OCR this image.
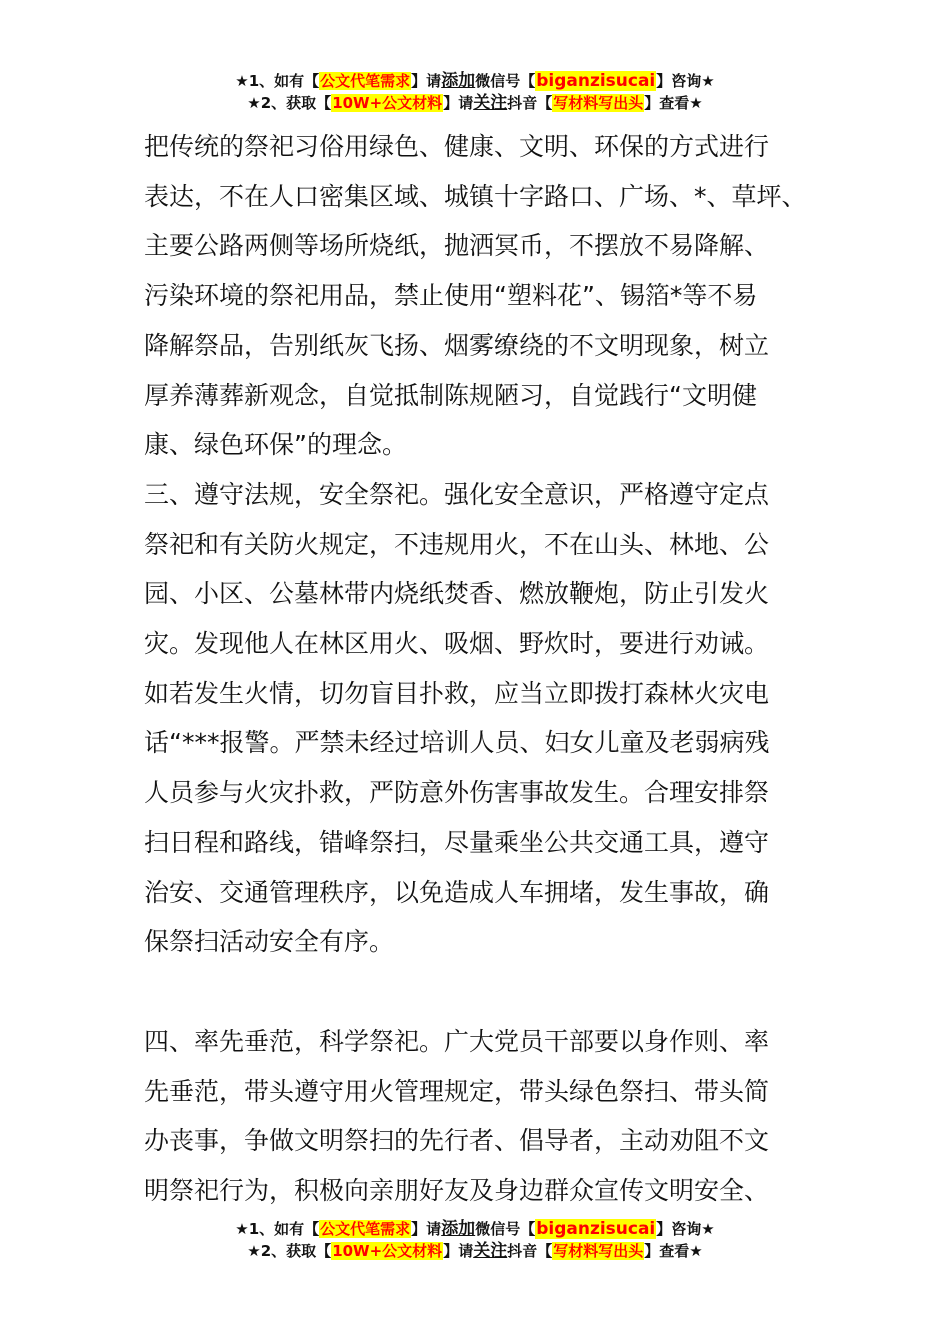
★1、如有【公文代笔需求】请添加微信号【biganzisucai】咨询★
★2、获取【10W+公文材料】请关注抖音【写材料写出头】查看★

把传统的祭祀习俗用绿色、健康、文明、环保的方式进行

表达，不在人口密集区域、城镇十字路口、广场、*、草坪、

主要公路两侧等场所烧纸，抛洒冥币，不摆放不易降解、

污染环境的祭祀用品，禁止使用“塑料花”、锡箔*等不易

降解祭品，告别纸灰飞扬、烟雾缭绕的不文明现象，树立

厚养薄葬新观念，自觉抵制陈规陋习，自觉践行“文明健

康、绿色环保”的理念。

三、遵守法规，安全祭祀。强化安全意识，严格遵守定点

祭祀和有关防火规定，不违规用火，不在山头、林地、公

园、小区、公墓林带内烧纸焚香、燃放鞭炮，防止引发火

灾。发现他人在林区用火、吸烟、野炊时，要进行劝诫。

如若发生火情，切勿盲目扑救，应当立即拨打森林火灾电

话“***报警。严禁未经过培训人员、妇女儿童及老弱病残

人员参与火灾扑救，严防意外伤害事故发生。合理安排祭

扫日程和路线，错峰祭扫，尽量乘坐公共交通工具，遵守

治安、交通管理秩序，以免造成人车拥堵，发生事故，确

保祭扫活动安全有序。

四、率先垂范，科学祭祀。广大党员干部要以身作则、率

先垂范，带头遵守用火管理规定，带头绿色祭扫、带头简

办丧事，争做文明祭扫的先行者、倡导者，主动劝阻不文

明祭祀行为，积极向亲朋好友及身边群众宣传文明安全、

★1、如有【公文代笔需求】请添加微信号【biganzisucai】咨询★
★2、获取【10W+公文材料】请关注抖音【写材料写出头】查看★
